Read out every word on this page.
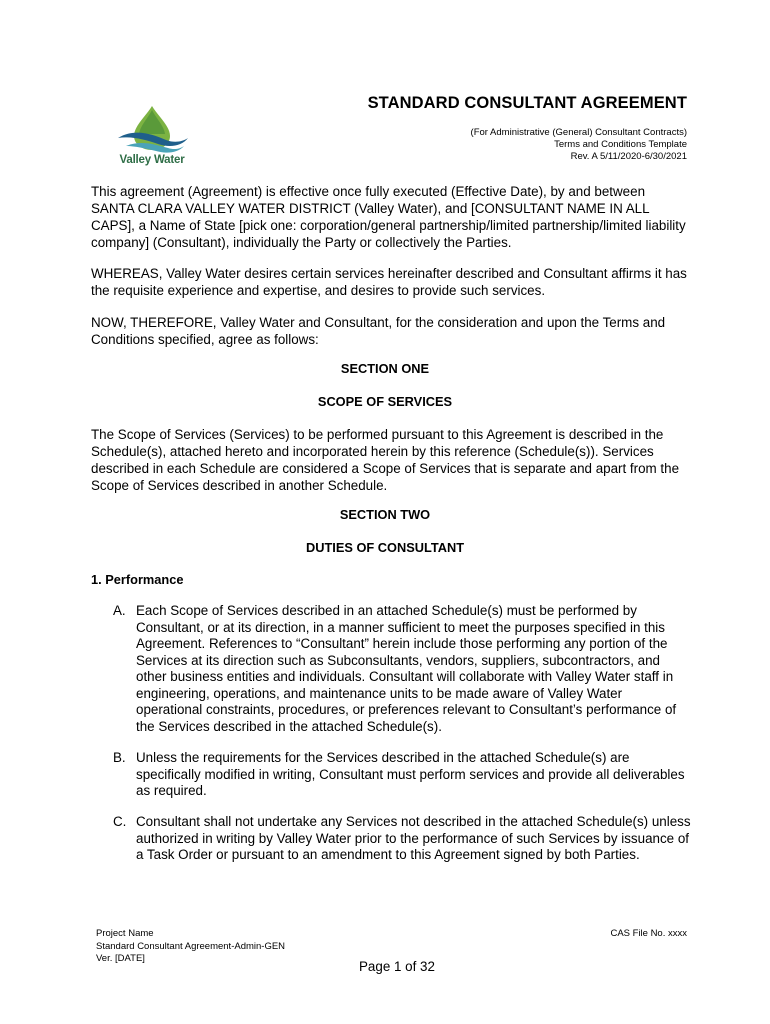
Valley Water
STANDARD CONSULTANT AGREEMENT
(For Administrative (General) Consultant Contracts)
Terms and Conditions Template
Rev. A 5/11/2020-6/30/2021

This agreement (Agreement) is effective once fully executed (Effective Date), by and between SANTA CLARA VALLEY WATER DISTRICT (Valley Water), and [CONSULTANT NAME IN ALL CAPS], a Name of State [pick one: corporation/general partnership/limited partnership/limited liability company] (Consultant), individually the Party or collectively the Parties.

WHEREAS, Valley Water desires certain services hereinafter described and Consultant affirms it has the requisite experience and expertise, and desires to provide such services.

NOW, THEREFORE, Valley Water and Consultant, for the consideration and upon the Terms and Conditions specified, agree as follows:

SECTION ONE
SCOPE OF SERVICES

The Scope of Services (Services) to be performed pursuant to this Agreement is described in the Schedule(s), attached hereto and incorporated herein by this reference (Schedule(s)). Services described in each Schedule are considered a Scope of Services that is separate and apart from the Scope of Services described in another Schedule.

SECTION TWO
DUTIES OF CONSULTANT
1. Performance
A. Each Scope of Services described in an attached Schedule(s) must be performed by Consultant, or at its direction, in a manner sufficient to meet the purposes specified in this Agreement. References to “Consultant” herein include those performing any portion of the Services at its direction such as Subconsultants, vendors, suppliers, subcontractors, and other business entities and individuals. Consultant will collaborate with Valley Water staff in engineering, operations, and maintenance units to be made aware of Valley Water operational constraints, procedures, or preferences relevant to Consultant’s performance of the Services described in the attached Schedule(s).

B. Unless the requirements for the Services described in the attached Schedule(s) are specifically modified in writing, Consultant must perform services and provide all deliverables as required.

C. Consultant shall not undertake any Services not described in the attached Schedule(s) unless authorized in writing by Valley Water prior to the performance of such Services by issuance of a Task Order or pursuant to an amendment to this Agreement signed by both Parties.

Project Name
Standard Consultant Agreement-Admin-GEN
Ver. [DATE]
CAS File No. xxxx
Page 1 of 32
